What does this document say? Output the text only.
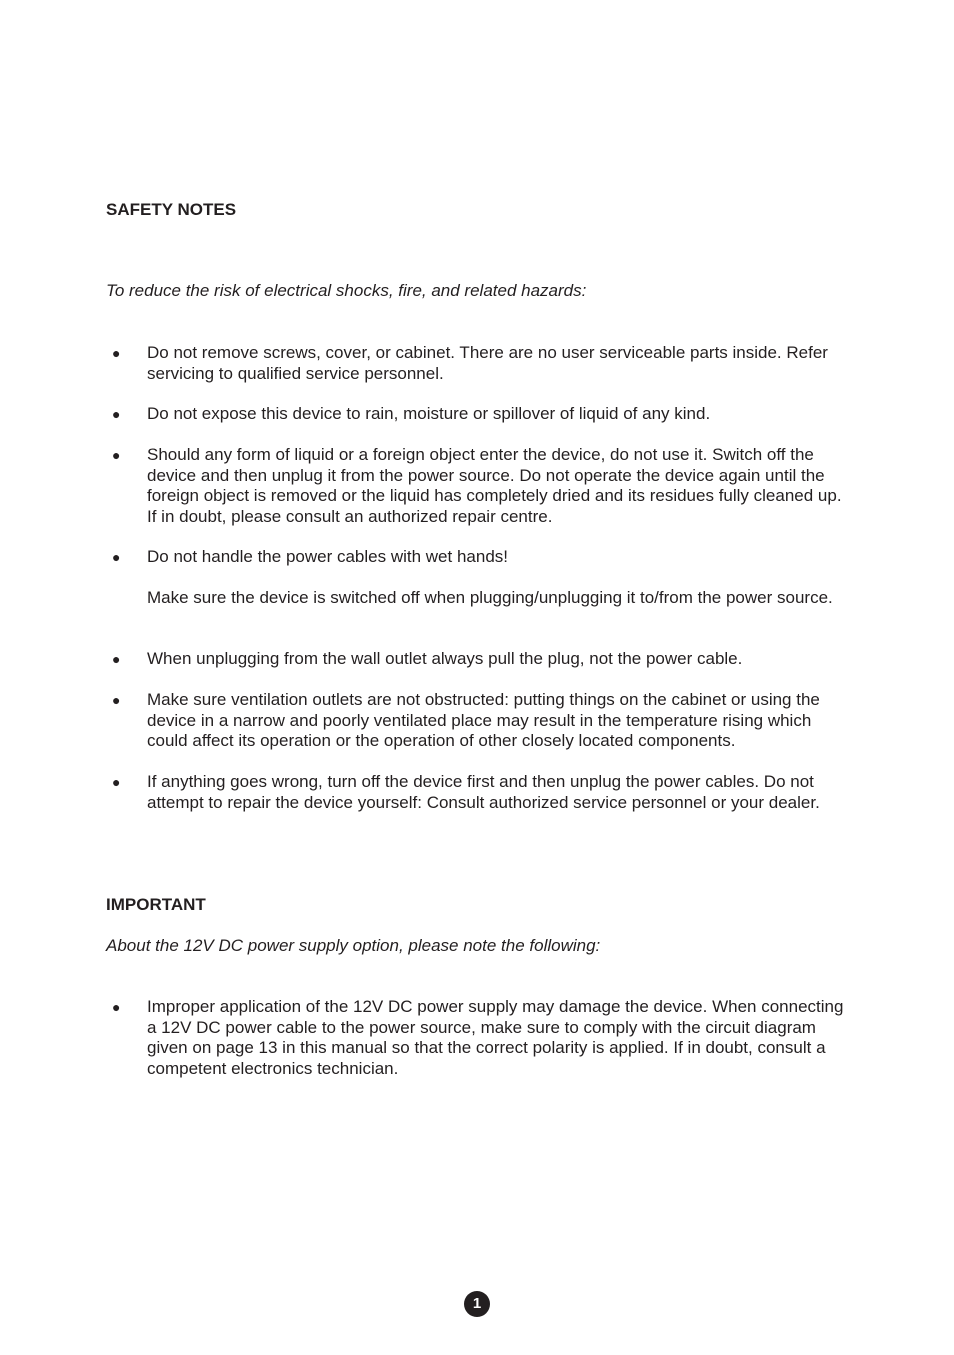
SAFETY NOTES
To reduce the risk of electrical shocks, fire, and related hazards:
● Do not remove screws, cover, or cabinet. There are no user serviceable parts inside. Refer servicing to qualified service personnel.
● Do not expose this device to rain, moisture or spillover of liquid of any kind.
● Should any form of liquid or a foreign object enter the device, do not use it. Switch off the device and then unplug it from the power source. Do not operate the device again until the foreign object is removed or the liquid has completely dried and its residues fully cleaned up. If in doubt, please consult an authorized repair centre.
● Do not handle the power cables with wet hands!

Make sure the device is switched off when plugging/unplugging it to/from the power source.

● When unplugging from the wall outlet always pull the plug, not the power cable.
● Make sure ventilation outlets are not obstructed: putting things on the cabinet or using the device in a narrow and poorly ventilated place may result in the temperature rising which could affect its operation or the operation of other closely located components.
● If anything goes wrong, turn off the device first and then unplug the power cables. Do not attempt to repair the device yourself: Consult authorized service personnel or your dealer.
IMPORTANT
About the 12V DC power supply option, please note the following:
● Improper application of the 12V DC power supply may damage the device. When connecting a 12V DC power cable to the power source, make sure to comply with the circuit diagram given on page 13 in this manual so that the correct polarity is applied. If in doubt, consult a competent electronics technician.
1
